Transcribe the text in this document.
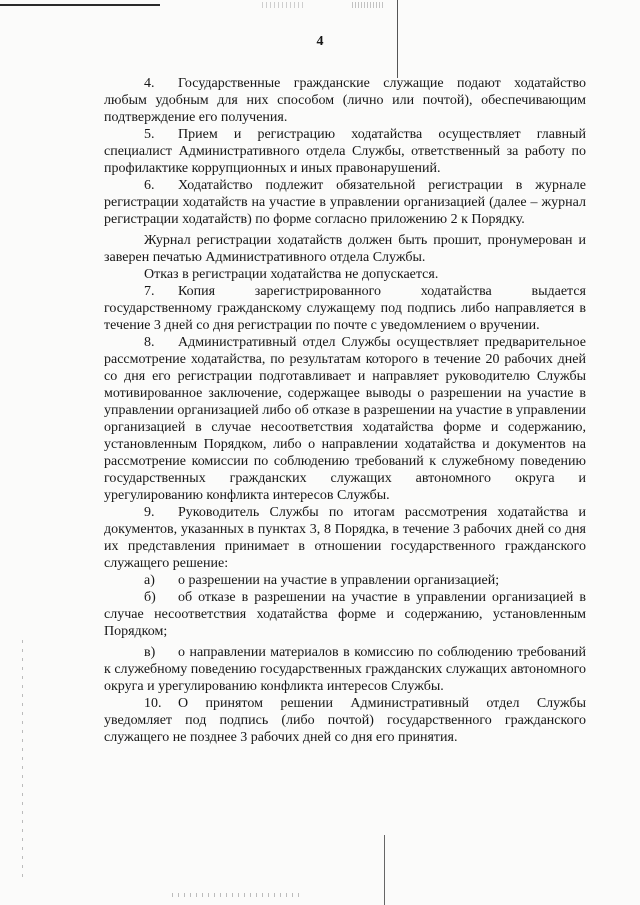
4

4. Государственные гражданские служащие подают ходатайство любым удобным для них способом (лично или почтой), обеспечивающим подтверждение его получения.

5. Прием и регистрацию ходатайства осуществляет главный специалист Административного отдела Службы, ответственный за работу по профилактике коррупционных и иных правонарушений.

6. Ходатайство подлежит обязательной регистрации в журнале регистрации ходатайств на участие в управлении организацией (далее – журнал регистрации ходатайств) по форме согласно приложению 2 к Порядку.

Журнал регистрации ходатайств должен быть прошит, пронумерован и заверен печатью Административного отдела Службы.

Отказ в регистрации ходатайства не допускается.

7. Копия зарегистрированного ходатайства выдается государственному гражданскому служащему под подпись либо направляется в течение 3 дней со дня регистрации по почте с уведомлением о вручении.

8. Административный отдел Службы осуществляет предварительное рассмотрение ходатайства, по результатам которого в течение 20 рабочих дней со дня его регистрации подготавливает и направляет руководителю Службы мотивированное заключение, содержащее выводы о разрешении на участие в управлении организацией либо об отказе в разрешении на участие в управлении организацией в случае несоответствия ходатайства форме и содержанию, установленным Порядком, либо о направлении ходатайства и документов на рассмотрение комиссии по соблюдению требований к служебному поведению государственных гражданских служащих автономного округа и урегулированию конфликта интересов Службы.

9. Руководитель Службы по итогам рассмотрения ходатайства и документов, указанных в пунктах 3, 8 Порядка, в течение 3 рабочих дней со дня их представления принимает в отношении государственного гражданского служащего решение:

а) о разрешении на участие в управлении организацией;

б) об отказе в разрешении на участие в управлении организацией в случае несоответствия ходатайства форме и содержанию, установленным Порядком;

в) о направлении материалов в комиссию по соблюдению требований к служебному поведению государственных гражданских служащих автономного округа и урегулированию конфликта интересов Службы.

10. О принятом решении Административный отдел Службы уведомляет под подпись (либо почтой) государственного гражданского служащего не позднее 3 рабочих дней со дня его принятия.
